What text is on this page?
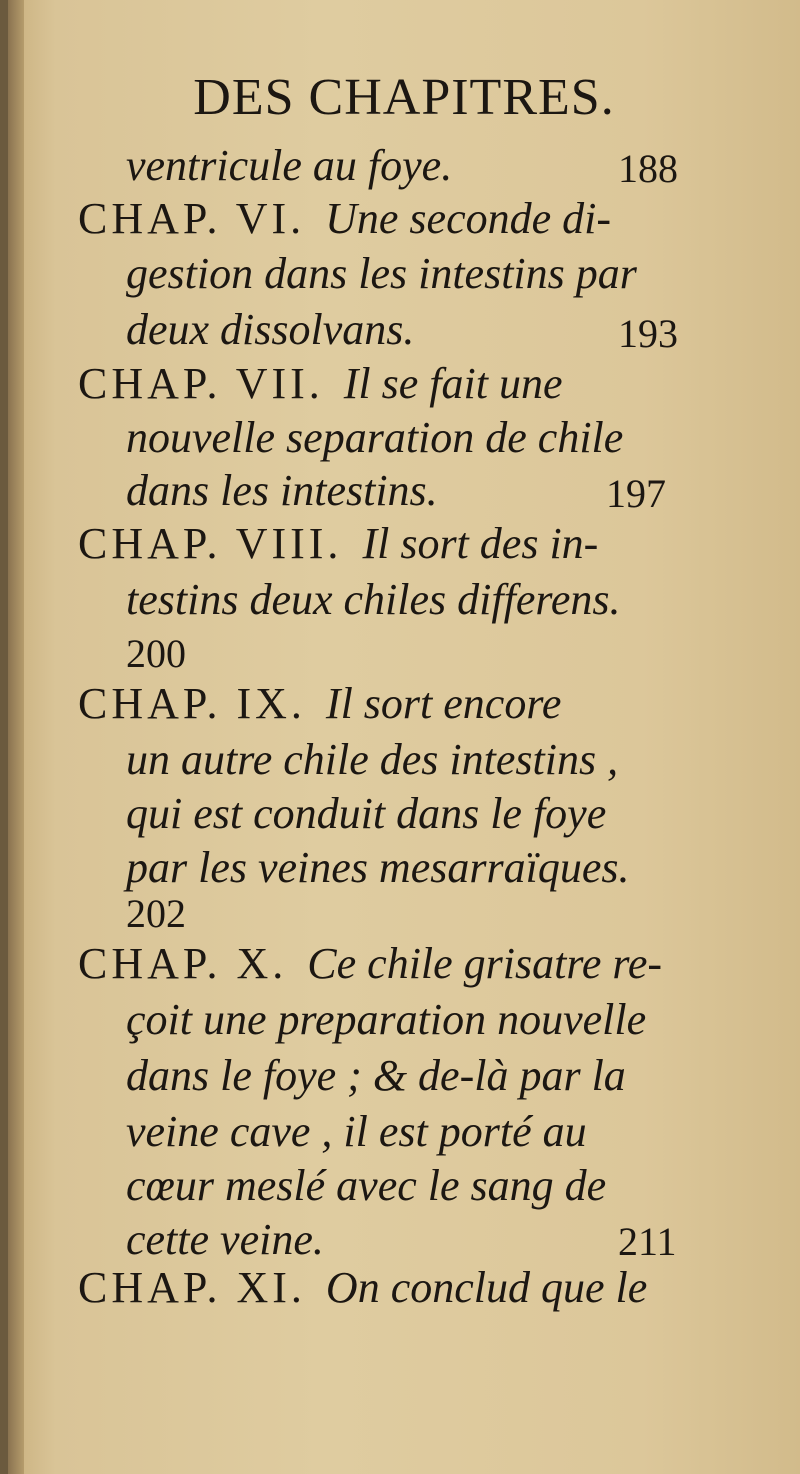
DES CHAPITRES.
ventricule au foye.	188
CHAP. VI. Une seconde di-
gestion dans les intestins par
deux dissolvans.	193
CHAP. VII. Il se fait une
nouvelle separation de chile
dans les intestins.	197
CHAP. VIII. Il sort des in-
testins deux chiles differens.
200
CHAP. IX. Il sort encore
un autre chile des intestins ,
qui est conduit dans le foye
par les veines mesarraïques.
202
CHAP. X. Ce chile grisatre re-
çoit une preparation nouvelle
dans le foye ; & de-là par la
veine cave , il est porté au
cœur meslé avec le sang de
cette veine.	211
CHAP. XI. On conclud que le
